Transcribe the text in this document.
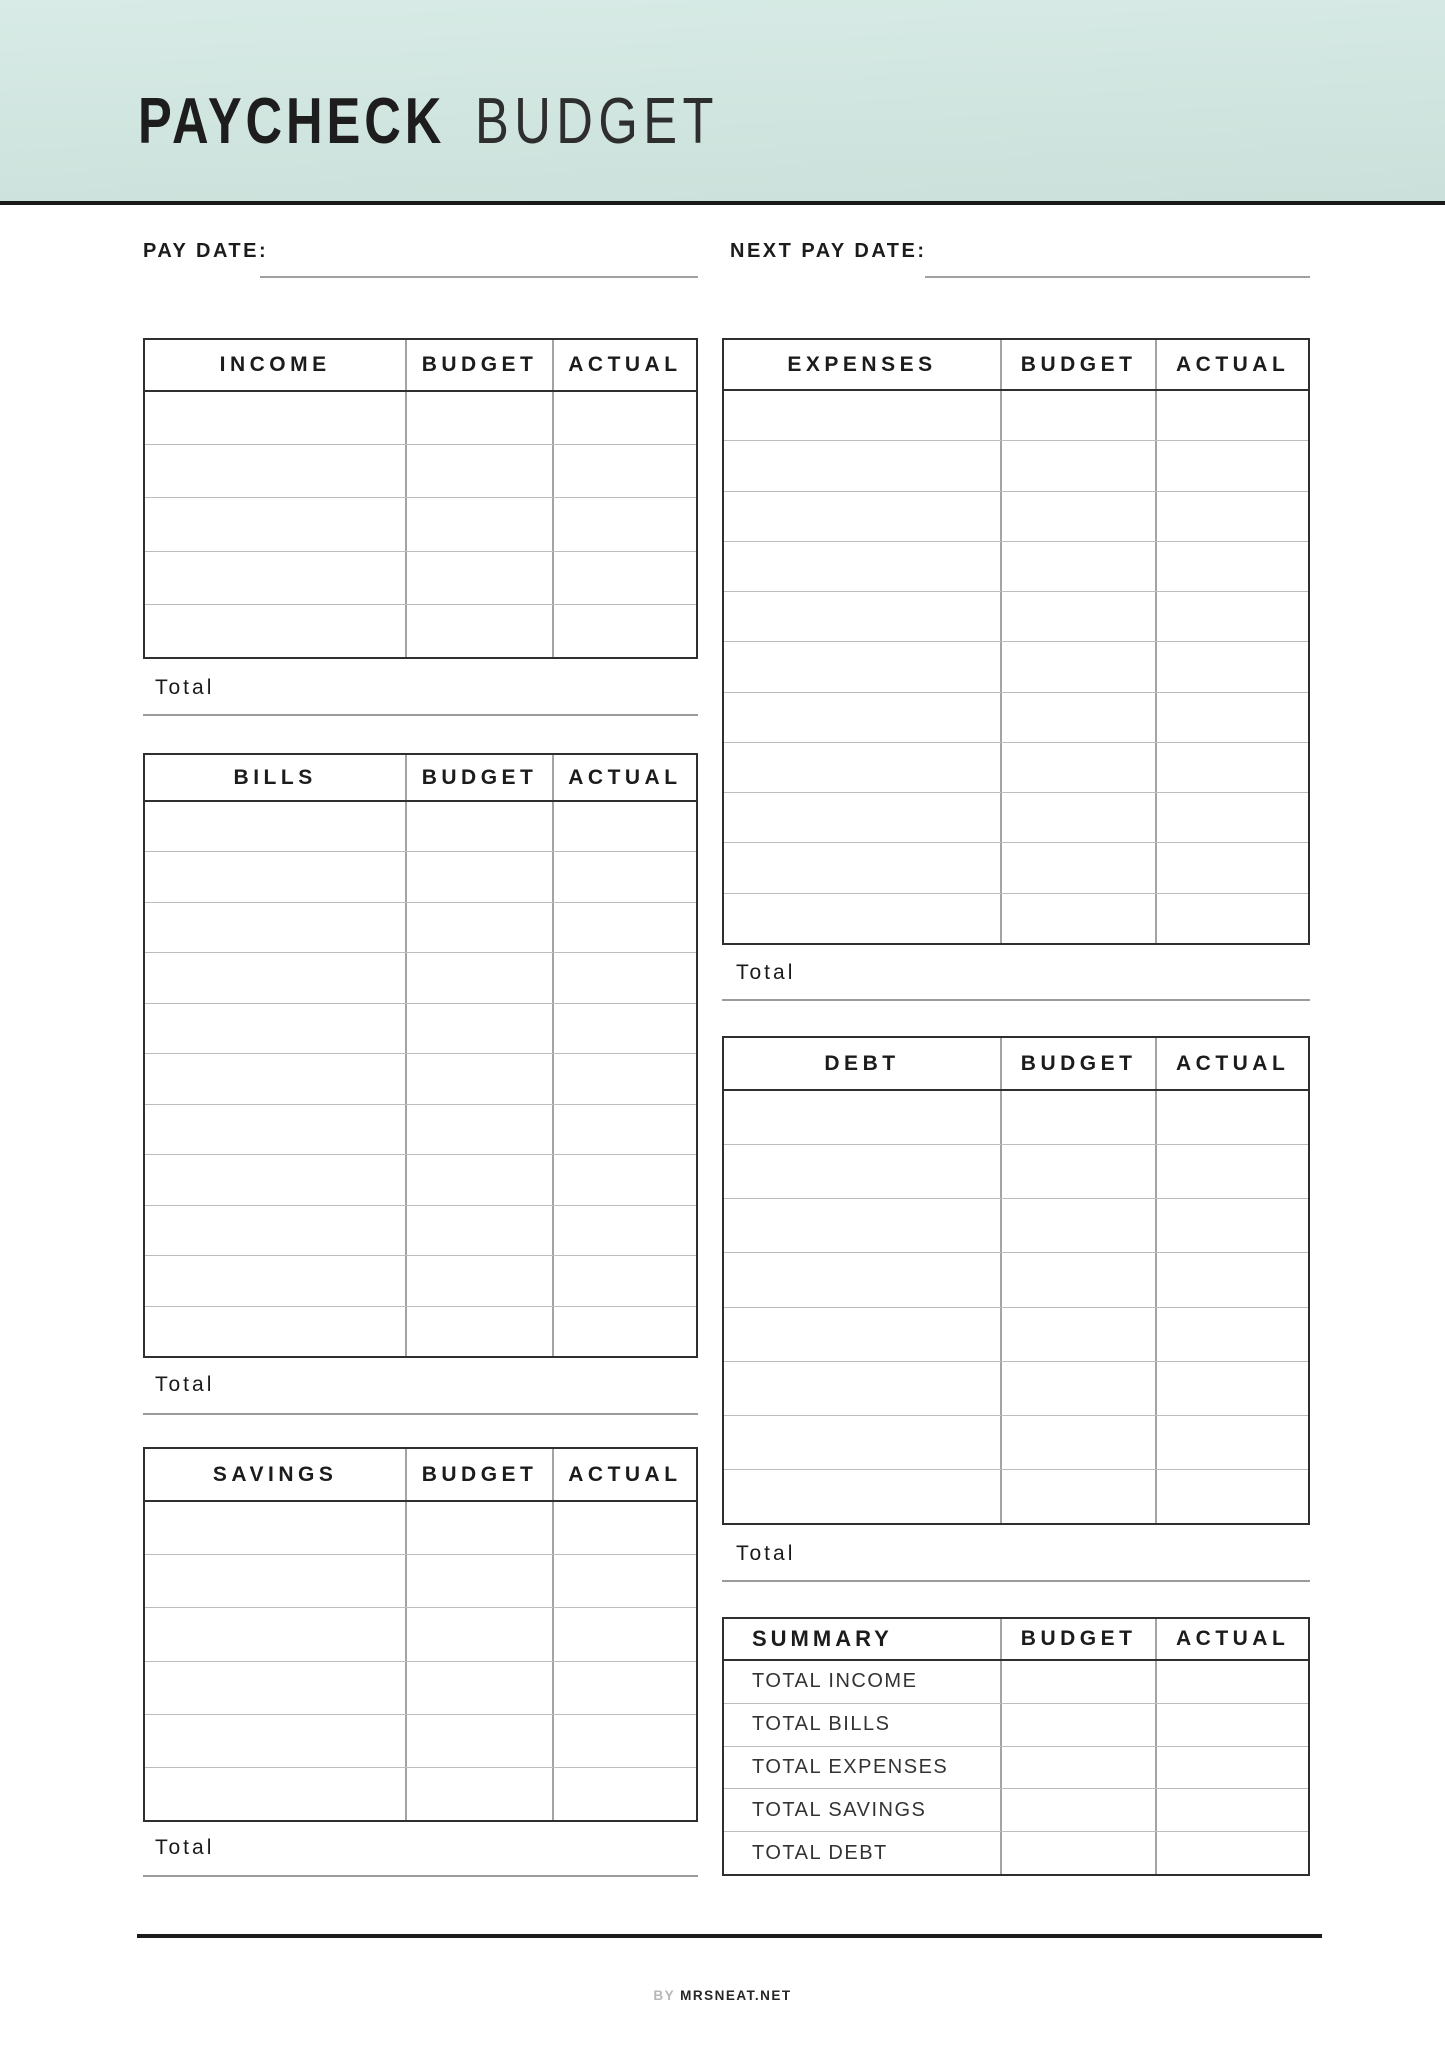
PAYCHECK BUDGET
PAY DATE:	NEXT PAY DATE:
INCOME	BUDGET	ACTUAL
Total
BILLS	BUDGET	ACTUAL
Total
SAVINGS	BUDGET	ACTUAL
Total
EXPENSES	BUDGET	ACTUAL
Total
DEBT	BUDGET	ACTUAL
Total
SUMMARY	BUDGET	ACTUAL
TOTAL INCOME
TOTAL BILLS
TOTAL EXPENSES
TOTAL SAVINGS
TOTAL DEBT
BY MRSNEAT.NET
